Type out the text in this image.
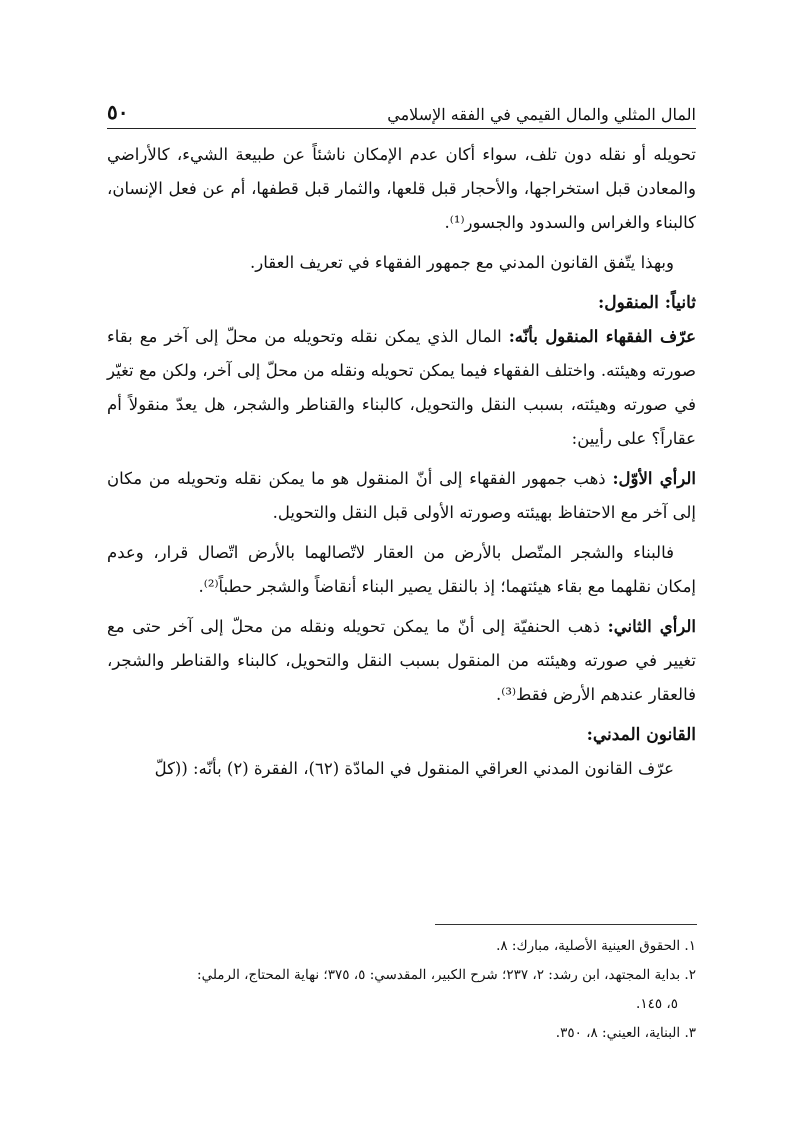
المال المثلي والمال القيمي في الفقه الإسلامي
٥٠

تحويله أو نقله دون تلف، سواء أكان عدم الإمكان ناشئاً عن طبيعة الشيء، كالأراضي والمعادن قبل استخراجها، والأحجار قبل قلعها، والثمار قبل قطفها، أم عن فعل الإنسان، كالبناء والغراس والسدود والجسور⁽¹⁾.

وبهذا يتّفق القانون المدني مع جمهور الفقهاء في تعريف العقار.

ثانياً: المنقول:

عرّف الفقهاء المنقول بأنّه: المال الذي يمكن نقله وتحويله من محلّ إلى آخر مع بقاء صورته وهيئته. واختلف الفقهاء فيما يمكن تحويله ونقله من محلّ إلى آخر، ولكن مع تغيّر في صورته وهيئته، بسبب النقل والتحويل، كالبناء والقناطر والشجر، هل يعدّ منقولاً أم عقاراً؟ على رأيين:

الرأي الأوّل: ذهب جمهور الفقهاء إلى أنّ المنقول هو ما يمكن نقله وتحويله من مكان إلى آخر مع الاحتفاظ بهيئته وصورته الأولى قبل النقل والتحويل.

فالبناء والشجر المتّصل بالأرض من العقار لاتّصالهما بالأرض اتّصال قرار، وعدم إمكان نقلهما مع بقاء هيئتهما؛ إذ بالنقل يصير البناء أنقاضاً والشجر حطباً⁽²⁾.

الرأي الثاني: ذهب الحنفيّة إلى أنّ ما يمكن تحويله ونقله من محلّ إلى آخر حتى مع تغيير في صورته وهيئته من المنقول بسبب النقل والتحويل، كالبناء والقناطر والشجر، فالعقار عندهم الأرض فقط⁽³⁾.

القانون المدني:

عرّف القانون المدني العراقي المنقول في المادّة (٦٢)، الفقرة (٢) بأنّه: ((كلّ

١. الحقوق العينية الأصلية، مبارك: ٨.

٢. بداية المجتهد، ابن رشد: ٢، ٢٣٧؛ شرح الكبير، المقدسي: ٥، ٣٧٥؛ نهاية المحتاج، الرملي:

٥، ١٤٥.

٣. البناية، العيني: ٨، ٣٥٠.
